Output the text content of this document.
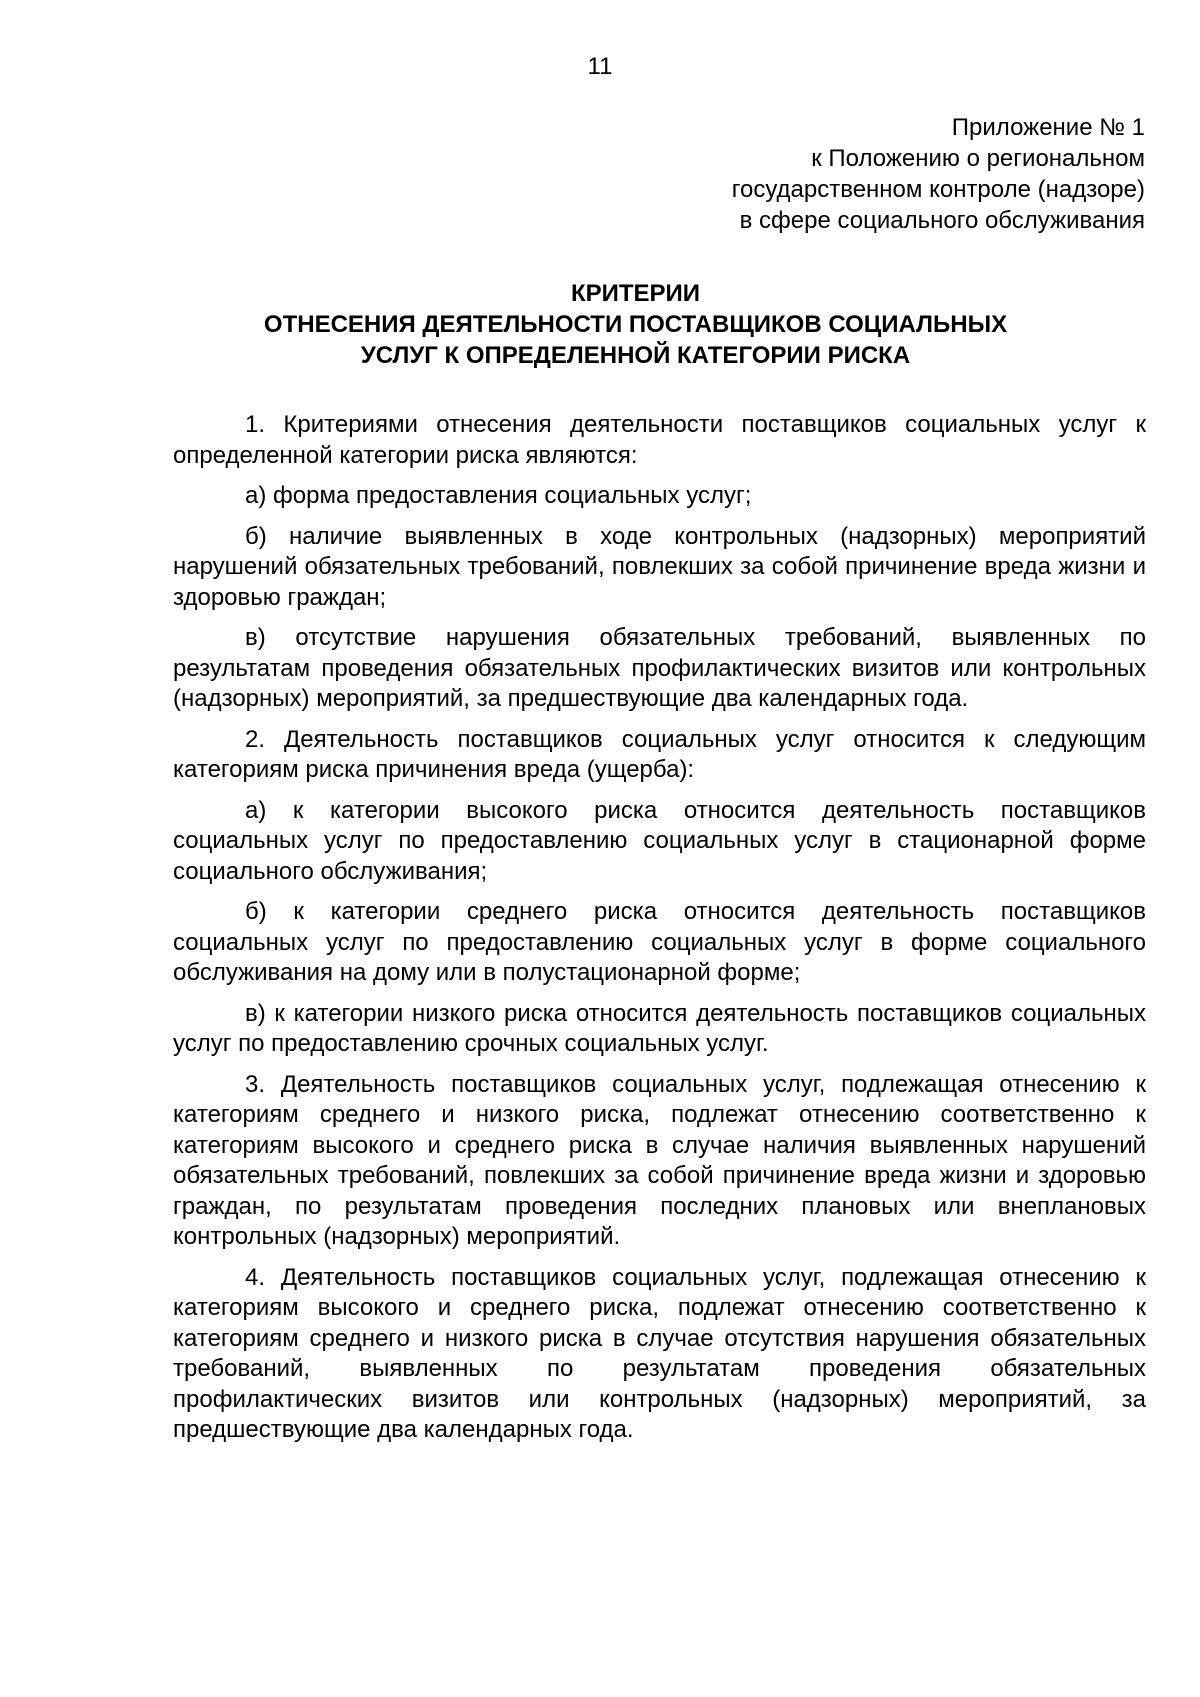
11
Приложение № 1
к Положению о региональном
государственном контроле (надзоре)
в сфере социального обслуживания
КРИТЕРИИ
ОТНЕСЕНИЯ ДЕЯТЕЛЬНОСТИ ПОСТАВЩИКОВ СОЦИАЛЬНЫХ
УСЛУГ К ОПРЕДЕЛЕННОЙ КАТЕГОРИИ РИСКА

1. Критериями отнесения деятельности поставщиков социальных услуг к определенной категории риска являются:

а) форма предоставления социальных услуг;

б) наличие выявленных в ходе контрольных (надзорных) мероприятий нарушений обязательных требований, повлекших за собой причинение вреда жизни и здоровью граждан;

в) отсутствие нарушения обязательных требований, выявленных по результатам проведения обязательных профилактических визитов или контрольных (надзорных) мероприятий, за предшествующие два календарных года.

2. Деятельность поставщиков социальных услуг относится к следующим категориям риска причинения вреда (ущерба):

а) к категории высокого риска относится деятельность поставщиков социальных услуг по предоставлению социальных услуг в стационарной форме социального обслуживания;

б) к категории среднего риска относится деятельность поставщиков социальных услуг по предоставлению социальных услуг в форме социального обслуживания на дому или в полустационарной форме;

в) к категории низкого риска относится деятельность поставщиков социальных услуг по предоставлению срочных социальных услуг.

3. Деятельность поставщиков социальных услуг, подлежащая отнесению к категориям среднего и низкого риска, подлежат отнесению соответственно к категориям высокого и среднего риска в случае наличия выявленных нарушений обязательных требований, повлекших за собой причинение вреда жизни и здоровью граждан, по результатам проведения последних плановых или внеплановых контрольных (надзорных) мероприятий.

4. Деятельность поставщиков социальных услуг, подлежащая отнесению к категориям высокого и среднего риска, подлежат отнесению соответственно к категориям среднего и низкого риска в случае отсутствия нарушения обязательных требований, выявленных по результатам проведения обязательных профилактических визитов или контрольных (надзорных) мероприятий, за предшествующие два календарных года.
